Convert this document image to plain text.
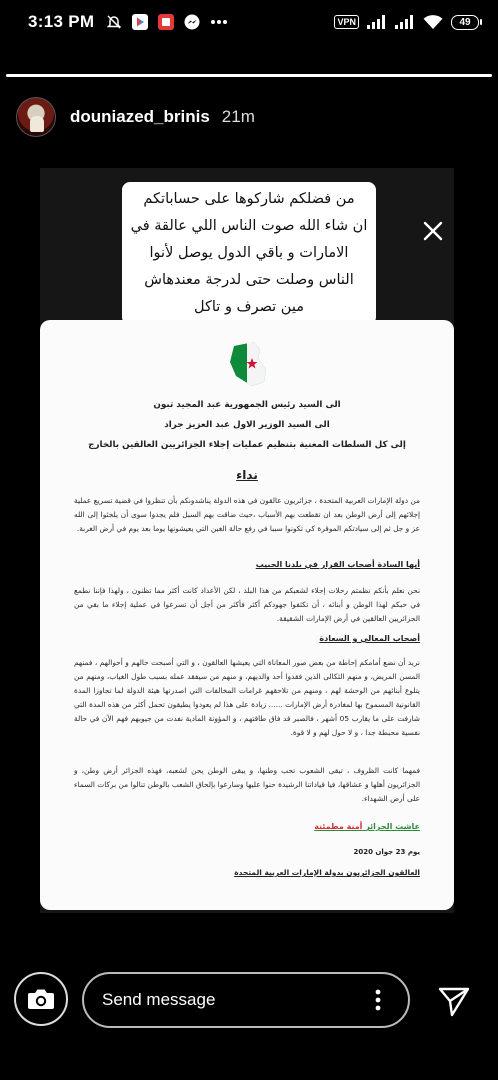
3:13 PM	VPN	49
douniazed_brinis 21m
من فضلكم شاركوها على حساباتكم
ان شاء الله صوت الناس اللي عالقة في
الامارات و باقي الدول يوصل لأنوا
الناس وصلت حتى لدرجة معندهاش
مين تصرف و تاكل
الى السيد رئيس الجمهورية عبد المجيد تبون
الى السيد الوزير الاول عبد العزيز جراد
إلى كل السلطات المعنية بتنظيم عمليات إجلاء الجزائريين العالقين بالخارج
نداء
من دولة الإمارات العربية المتحدة ، جزائريون عالقون في هذه الدولة يناشدونكم بأن تنظروا في قضية تسريع عملية إجلائهم إلى أرض الوطن بعد ان تقطعت بهم الأسباب ،حيث ضاقت بهم السبل فلم يجدوا سوى أن يلجئوا إلى الله عز و جل ثم إلى سيادتكم الموقرة كي تكونوا سببا في رفع حالة الغبن التي يعيشونها يوما بعد يوم في أرض الغربة.
أيها السادة أصحاب القرار في بلدنا الحبيب
نحن نعلم بأنكم نظمتم رحلات إجلاء لشعبكم من هذا البلد ، لكن الأعداد كانت أكثر مما تظنون ، ولهذا فإننا نطمع في حبكم لهذا الوطن و أبنائه ، أن تكثفوا جهودكم أكثر فأكثر من أجل أن تسرعوا في عملية إجلاء ما بقي من الجزائريين العالقين في أرض الإمارات الشقيقة.
أصحاب المعالي و السعادة
نريد أن نضع أمامكم إحاطة من بعض صور المعاناة التي يعيشها العالقون ، و التي أصبحت حالهم و أحوالهم ، فمنهم المسن المريض، و منهم الثكالى الذين فقدوا أحد والديهم، و منهم من سيفقد عمله بسبب طول الغياب، ومنهم من يتلوع أبنائهم من الوحشة لهم ، ومنهم من تلاحقهم غرامات المخالفات التي اصدرتها هيئة الدولة لما تجاوزا المدة القانونية المسموح بها لمغادرة أرض الإمارات ...... زيادة على هذا لم يعودوا يطيقون تحمل أكثر من هذه المدة التي شارفت على ما يقارب 05 أشهر ، فالصبر قد فاق طاقتهم ، و المؤونة المادية نفدت من جيوبهم فهم الآن في حالة نفسية محبطة جدا ، و لا حول لهم و لا قوة.
فمهما كانت الظروف ، تبقى الشعوب تحب وطنها، و يبقى الوطن يحن لشعبه، فهذه الجزائر أرض وطن، و الجزائريون أهلها و عشاقها، فيا قياداتنا الرشيدة حنوا عليها وسارعوا بإلحاق الشعب بالوطن تنالوا من بركات السماء على أرض الشهداء.
عاشت الجزائر أمنة مطمئنة
يوم 23 جوان 2020
العالقون الجزائريون بدولة الإمارات العربية المتحدة
Send message
